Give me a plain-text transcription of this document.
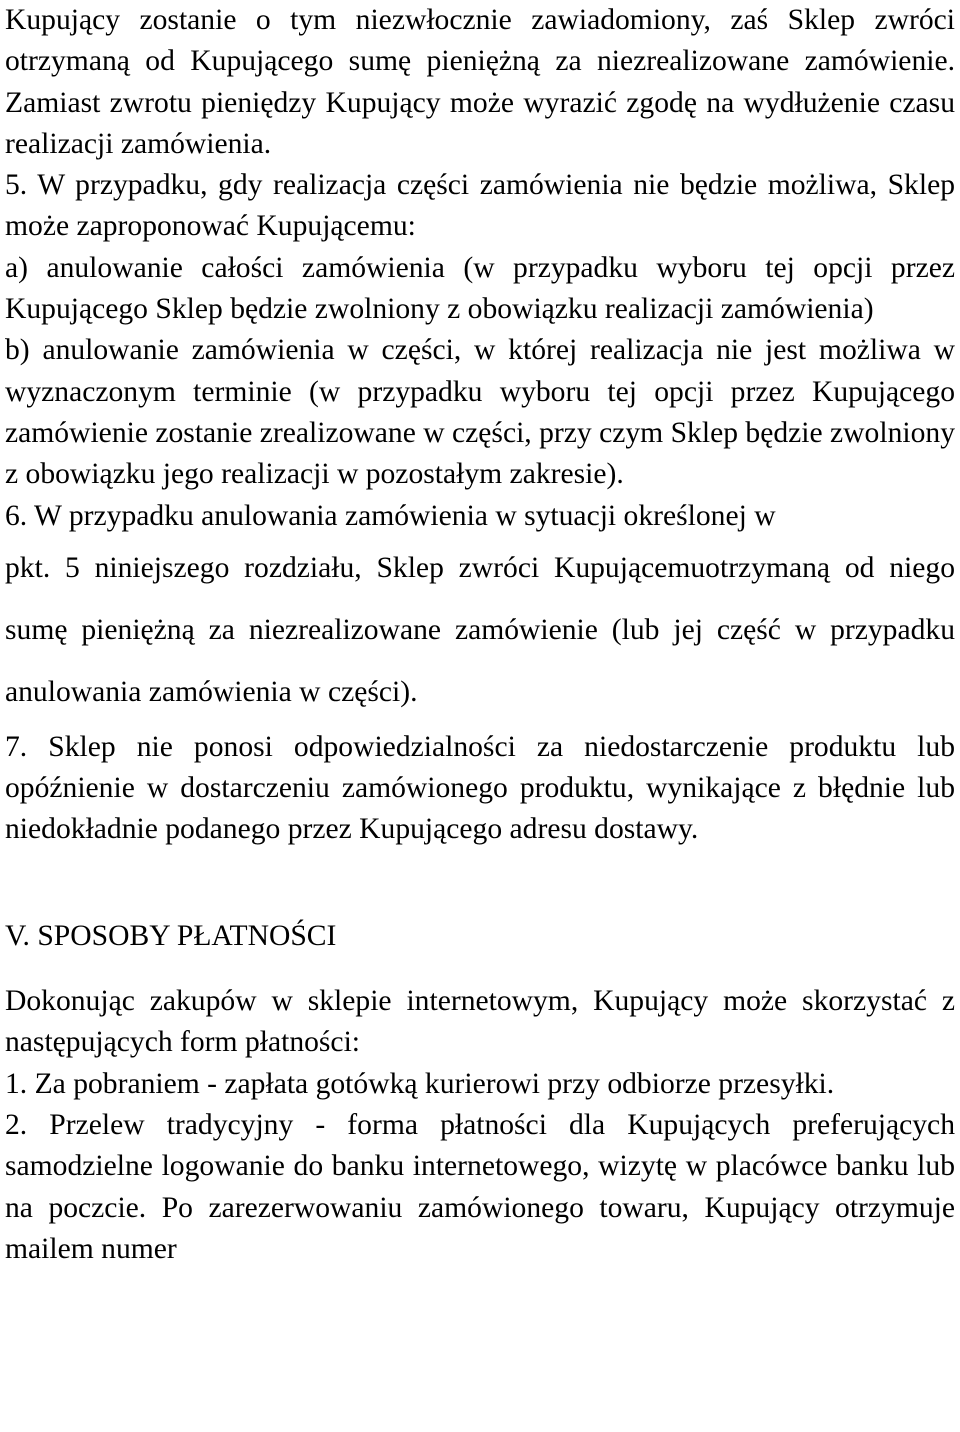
Kupujący zostanie o tym niezwłocznie zawiadomiony, zaś Sklep zwróci otrzymaną od Kupującego sumę pieniężną za niezrealizowane zamówienie. Zamiast zwrotu pieniędzy Kupujący może wyrazić zgodę na wydłużenie czasu realizacji zamówienia.

5. W przypadku, gdy realizacja części zamówienia nie będzie możliwa, Sklep może zaproponować Kupującemu:

a) anulowanie całości zamówienia (w przypadku wyboru tej opcji przez Kupującego Sklep będzie zwolniony z obowiązku realizacji zamówienia)

b) anulowanie zamówienia w części, w której realizacja nie jest możliwa w wyznaczonym terminie (w przypadku wyboru tej opcji przez Kupującego zamówienie zostanie zrealizowane w części, przy czym Sklep będzie zwolniony z obowiązku jego realizacji w pozostałym zakresie).

6. W przypadku anulowania zamówienia w sytuacji określonej w

pkt. 5 niniejszego rozdziału, Sklep zwróci Kupującemuotrzymaną od niego sumę pieniężną za niezrealizowane zamówienie (lub jej część w przypadku anulowania zamówienia w części).

7. Sklep nie ponosi odpowiedzialności za niedostarczenie produktu lub opóźnienie w dostarczeniu zamówionego produktu, wynikające z błędnie lub niedokładnie podanego przez Kupującego adresu dostawy.

V. SPOSOBY PŁATNOŚCI

Dokonując zakupów w sklepie internetowym, Kupujący może skorzystać z następujących form płatności:

1. Za pobraniem - zapłata gotówką kurierowi przy odbiorze przesyłki.

2. Przelew tradycyjny - forma płatności dla Kupujących preferujących samodzielne logowanie do banku internetowego, wizytę w placówce banku lub na poczcie. Po zarezerwowaniu zamówionego towaru, Kupujący otrzymuje mailem numer
